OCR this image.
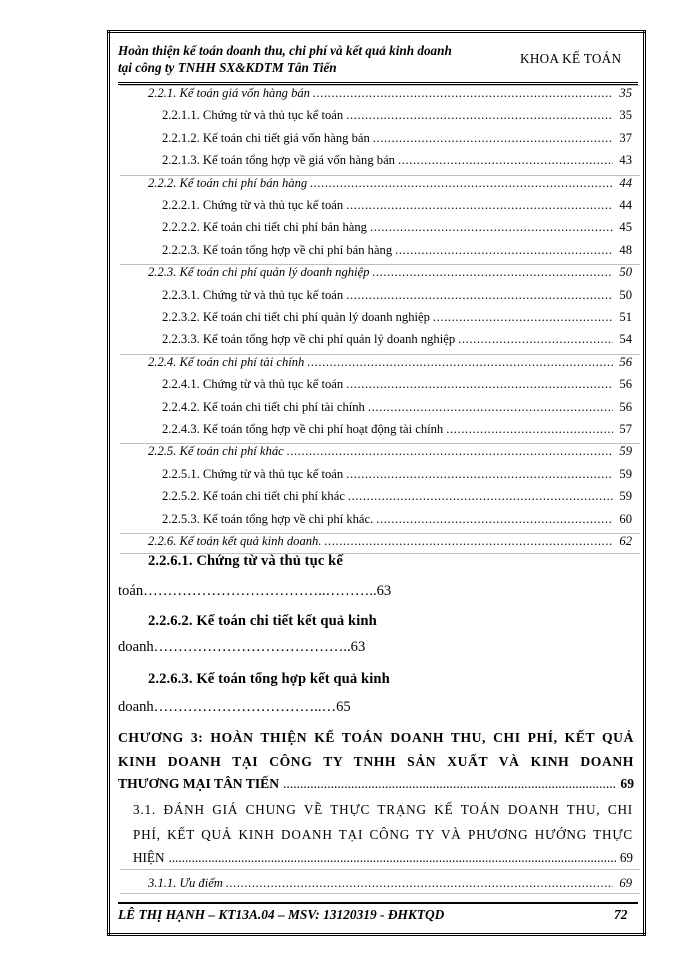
Hoàn thiện kế toán doanh thu, chi phí và kết quả kinh doanh
tại công ty TNHH SX&KDTM Tân Tiến
KHOA KẾ TOÁN
2.2.1. Kế toán giá vốn hàng bán .....	35
2.2.1.1. Chứng từ và thủ tục kế toán .....	35
2.2.1.2. Kế toán chi tiết giá vốn hàng bán .....	37
2.2.1.3. Kế toán tổng hợp về giá vốn hàng bán .....	43
2.2.2. Kế toán chi phí bán hàng .....	44
2.2.2.1. Chứng từ và thủ tục kế toán .....	44
2.2.2.2. Kế toán chi tiết chi phí bán hàng .....	45
2.2.2.3. Kế toán tổng hợp về chi phí bán hàng .....	48
2.2.3. Kế toán chi phí quản lý doanh nghiệp .....	50
2.2.3.1. Chứng từ và thủ tục kế toán .....	50
2.2.3.2. Kế toán chi tiết chi phí quản lý doanh nghiệp .....	51
2.2.3.3. Kế toán tổng hợp về chi phí quản lý doanh nghiệp .....	54
2.2.4. Kế toán chi phí tài chính .....	56
2.2.4.1. Chứng từ và thủ tục kế toán .....	56
2.2.4.2. Kế toán chi tiết chi phí tài chính .....	56
2.2.4.3. Kế toán tổng hợp về chi phí hoạt động tài chính .....	57
2.2.5. Kế toán chi phí khác .....	59
2.2.5.1. Chứng từ và thủ tục kế toán .....	59
2.2.5.2. Kế toán chi tiết chi phí khác .....	59
2.2.5.3. Kế toán tổng hợp về chi phí khác. .....	60
2.2.6. Kế toán kết quả kinh doanh. .....	62
2.2.6.1. Chứng từ và thủ tục kế
toán………………………………..………..63
2.2.6.2. Kế toán chi tiết kết quả kinh
doanh…………………………………..63
2.2.6.3. Kế toán tổng hợp kết quả kinh
doanh……………………………..…65
CHƯƠNG 3: HOÀN THIỆN KẾ TOÁN DOANH THU, CHI PHÍ, KẾT QUẢ
KINH DOANH TẠI CÔNG TY TNHH SẢN XUẤT VÀ KINH DOANH
THƯƠNG MẠI TÂN TIẾN .....	69
3.1. ĐÁNH GIÁ CHUNG VỀ THỰC TRẠNG KẾ TOÁN DOANH THU, CHI
PHÍ, KẾT QUẢ KINH DOANH TẠI CÔNG TY VÀ PHƯƠNG HƯỚNG THỰC
HIỆN .....	69
3.1.1. Ưu điểm .....	69
LÊ THỊ HẠNH – KT13A.04 – MSV: 13120319 - ĐHKTQD	72
